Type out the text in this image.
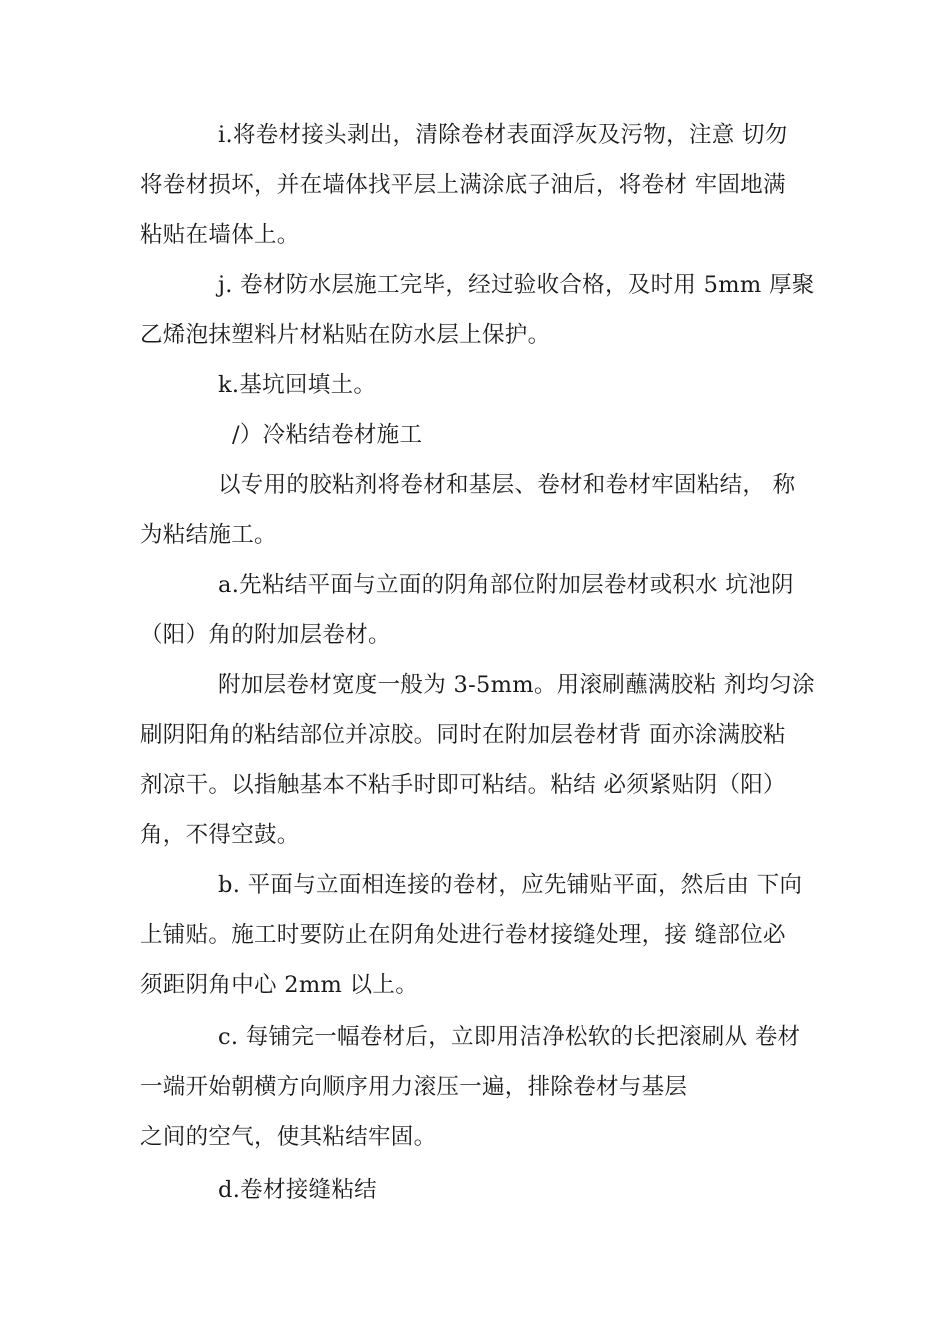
i.将卷材接头剥出，清除卷材表面浮灰及污物，注意 切勿
将卷材损坏，并在墙体找平层上满涂底子油后，将卷材 牢固地满
粘贴在墙体上。
j. 卷材防水层施工完毕，经过验收合格，及时用 5mm 厚聚
乙烯泡抹塑料片材粘贴在防水层上保护。
k.基坑回填土。
/）冷粘结卷材施工
以专用的胶粘剂将卷材和基层、卷材和卷材牢固粘结， 称
为粘结施工。
a.先粘结平面与立面的阴角部位附加层卷材或积水 坑池阴
（阳）角的附加层卷材。
附加层卷材宽度一般为 3-5mm。用滚刷蘸满胶粘 剂均匀涂
刷阴阳角的粘结部位并凉胶。同时在附加层卷材背 面亦涂满胶粘
剂凉干。以指触基本不粘手时即可粘结。粘结 必须紧贴阴（阳）
角，不得空鼓。
b. 平面与立面相连接的卷材，应先铺贴平面，然后由 下向
上铺贴。施工时要防止在阴角处进行卷材接缝处理，接 缝部位必
须距阴角中心 2mm 以上。
c. 每铺完一幅卷材后，立即用洁净松软的长把滚刷从 卷材
一端开始朝横方向顺序用力滚压一遍，排除卷材与基层
之间的空气，使其粘结牢固。
d.卷材接缝粘结
